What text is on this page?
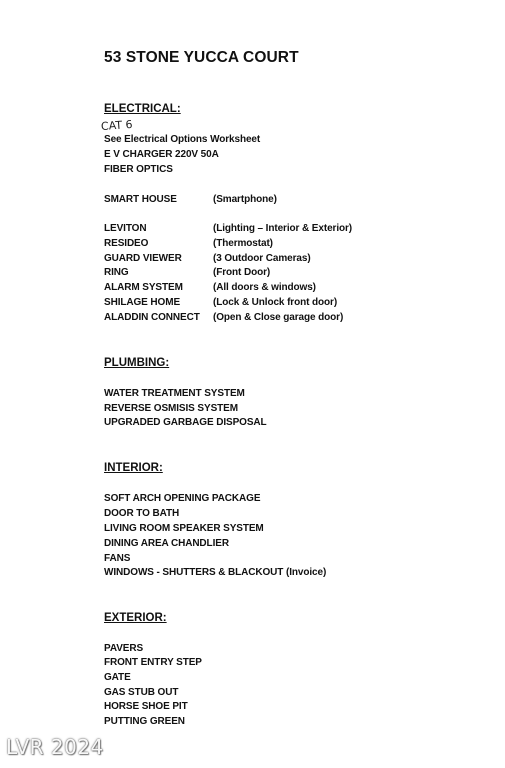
53 STONE YUCCA COURT
ELECTRICAL:
CAT 6
See Electrical Options Worksheet
E V CHARGER 220V 50A
FIBER OPTICS
SMART HOUSE	(Smartphone)
LEVITON	(Lighting – Interior & Exterior)
RESIDEO	(Thermostat)
GUARD VIEWER	(3 Outdoor Cameras)
RING	(Front Door)
ALARM SYSTEM	(All doors & windows)
SHILAGE HOME	(Lock & Unlock front door)
ALADDIN CONNECT (Open & Close garage door)
PLUMBING:
WATER TREATMENT SYSTEM
REVERSE OSMISIS SYSTEM
UPGRADED GARBAGE DISPOSAL
INTERIOR:
SOFT ARCH OPENING PACKAGE
DOOR TO BATH
LIVING ROOM SPEAKER SYSTEM
DINING AREA CHANDLIER
FANS
WINDOWS - SHUTTERS & BLACKOUT (Invoice)
EXTERIOR:
PAVERS
FRONT ENTRY STEP
GATE
GAS STUB OUT
HORSE SHOE PIT
PUTTING GREEN
LVR 2024
